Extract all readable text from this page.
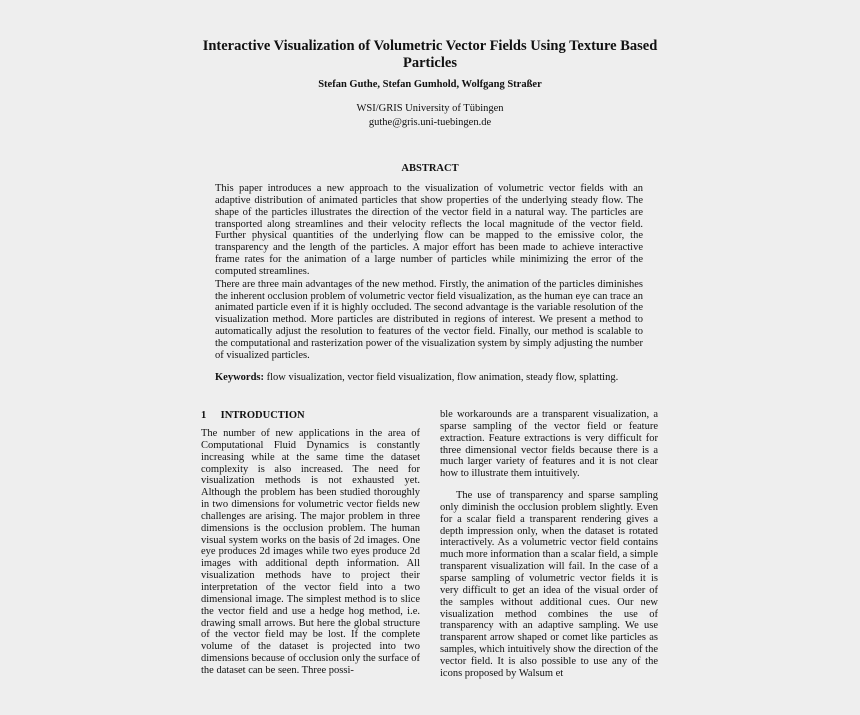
Interactive Visualization of Volumetric Vector Fields Using Texture Based Particles
Stefan Guthe, Stefan Gumhold, Wolfgang Straßer
WSI/GRIS University of Tübingen
guthe@gris.uni-tuebingen.de
ABSTRACT

This paper introduces a new approach to the visualization of volumetric vector fields with an adaptive distribution of animated particles that show properties of the underlying steady flow. The shape of the particles illustrates the direction of the vector field in a natural way. The particles are transported along streamlines and their velocity reflects the local magnitude of the vector field. Further physical quantities of the underlying flow can be mapped to the emissive color, the transparency and the length of the particles. A major effort has been made to achieve interactive frame rates for the animation of a large number of particles while minimizing the error of the computed streamlines.

There are three main advantages of the new method. Firstly, the animation of the particles diminishes the inherent occlusion problem of volumetric vector field visualization, as the human eye can trace an animated particle even if it is highly occluded. The second advantage is the variable resolution of the visualization method. More particles are distributed in regions of interest. We present a method to automatically adjust the resolution to features of the vector field. Finally, our method is scalable to the computational and rasterization power of the visualization system by simply adjusting the number of visualized particles.

Keywords: flow visualization, vector field visualization, flow animation, steady flow, splatting.
1 INTRODUCTION

The number of new applications in the area of Computational Fluid Dynamics is constantly increasing while at the same time the dataset complexity is also increased. The need for visualization methods is not exhausted yet. Although the problem has been studied thoroughly in two dimensions for volumetric vector fields new challenges are arising. The major problem in three dimensions is the occlusion problem. The human visual system works on the basis of 2d images. One eye produces 2d images while two eyes produce 2d images with additional depth information. All visualization methods have to project their interpretation of the vector field into a two dimensional image. The simplest method is to slice the vector field and use a hedge hog method, i.e. drawing small arrows. But here the global structure of the vector field may be lost. If the complete volume of the dataset is projected into two dimensions because of occlusion only the surface of the dataset can be seen. Three possi-

ble workarounds are a transparent visualization, a sparse sampling of the vector field or feature extraction. Feature extractions is very difficult for three dimensional vector fields because there is a much larger variety of features and it is not clear how to illustrate them intuitively.

The use of transparency and sparse sampling only diminish the occlusion problem slightly. Even for a scalar field a transparent rendering gives a depth impression only, when the dataset is rotated interactively. As a volumetric vector field contains much more information than a scalar field, a simple transparent visualization will fail. In the case of a sparse sampling of volumetric vector fields it is very difficult to get an idea of the visual order of the samples without additional cues. Our new visualization method combines the use of transparency with an adaptive sampling. We use transparent arrow shaped or comet like particles as samples, which intuitively show the direction of the vector field. It is also possible to use any of the icons proposed by Walsum et
